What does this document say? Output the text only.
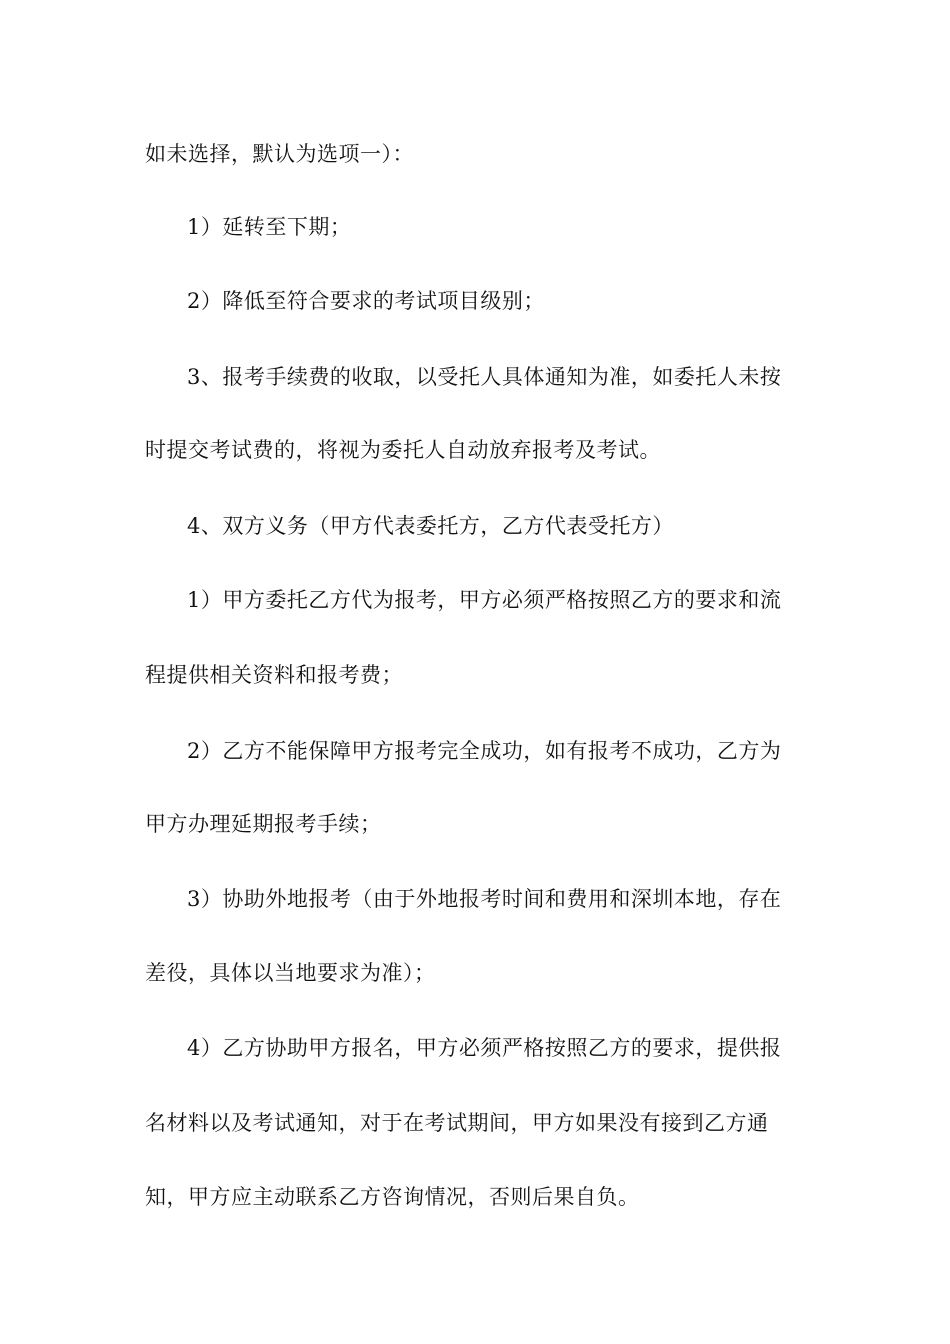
如未选择，默认为选项一）：
1）延转至下期；
2）降低至符合要求的考试项目级别；
3、报考手续费的收取，以受托人具体通知为准，如委托人未按
时提交考试费的，将视为委托人自动放弃报考及考试。
4、双方义务（甲方代表委托方，乙方代表受托方）
1）甲方委托乙方代为报考，甲方必须严格按照乙方的要求和流
程提供相关资料和报考费；
2）乙方不能保障甲方报考完全成功，如有报考不成功，乙方为
甲方办理延期报考手续；
3）协助外地报考（由于外地报考时间和费用和深圳本地，存在
差役，具体以当地要求为准）；
4）乙方协助甲方报名，甲方必须严格按照乙方的要求，提供报
名材料以及考试通知，对于在考试期间，甲方如果没有接到乙方通
知，甲方应主动联系乙方咨询情况，否则后果自负。
